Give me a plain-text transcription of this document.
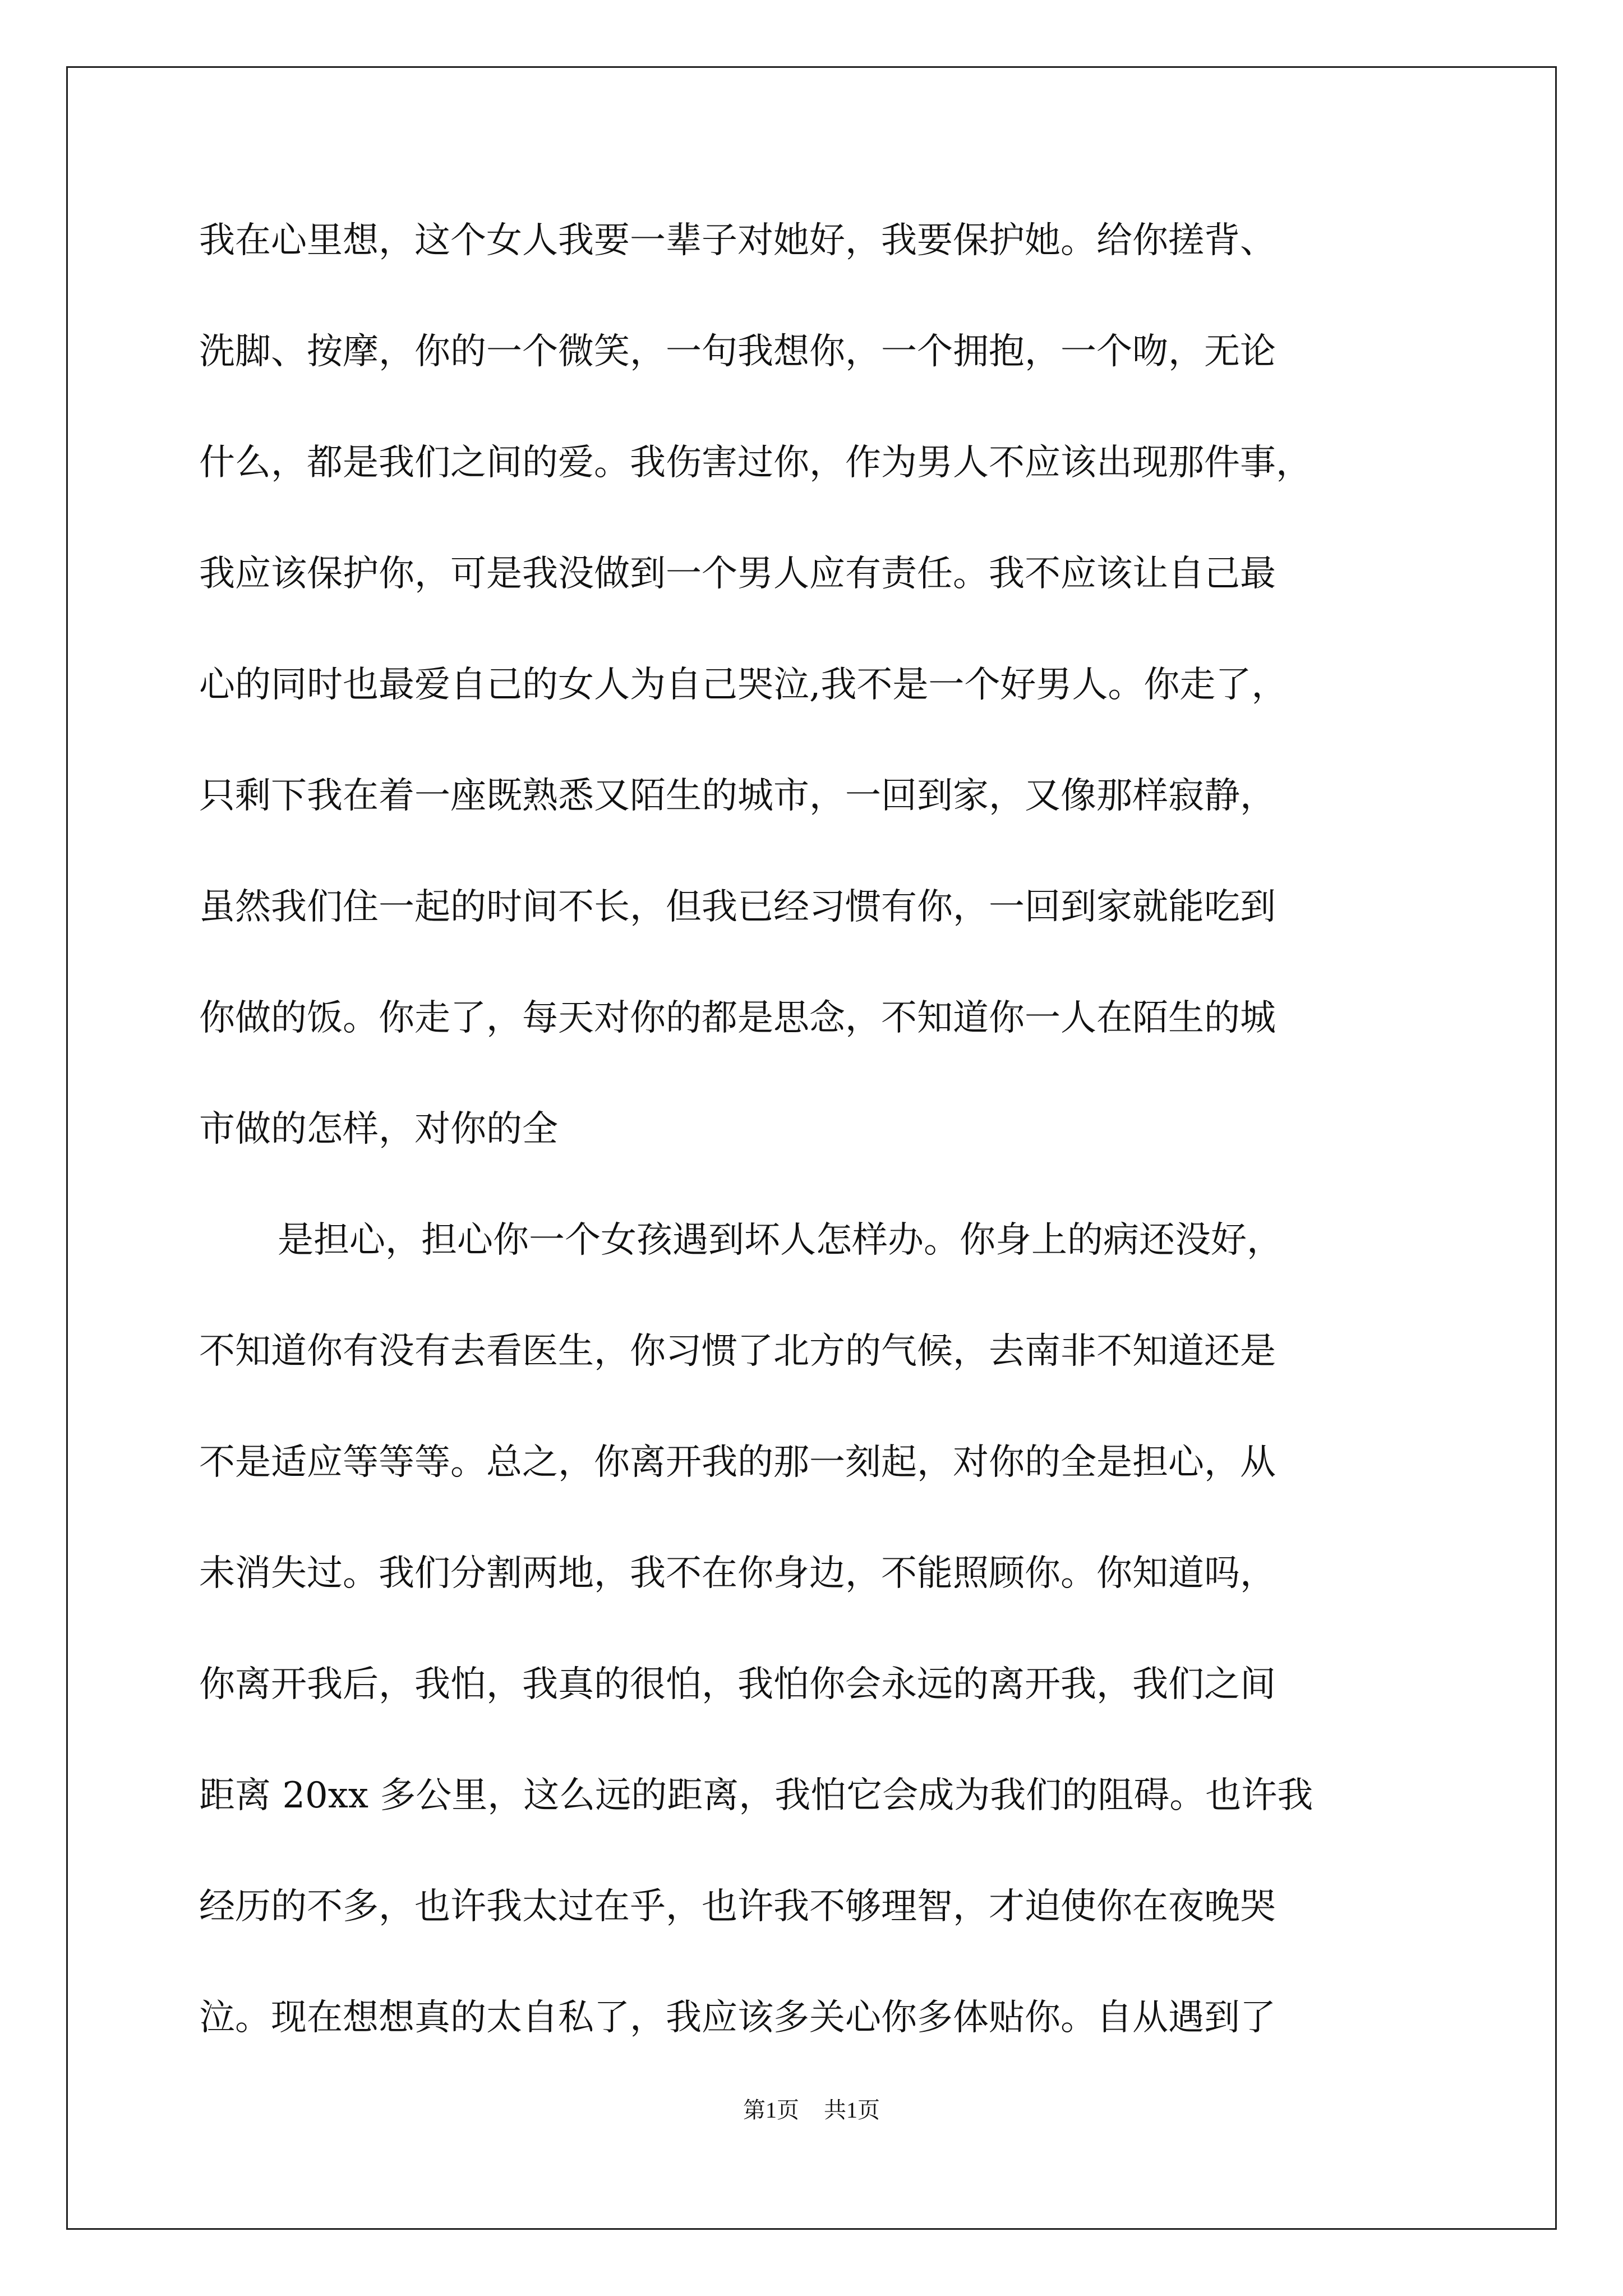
我在心里想，这个女人我要一辈子对她好，我要保护她。给你搓背、
洗脚、按摩，你的一个微笑，一句我想你，一个拥抱，一个吻，无论
什么，都是我们之间的爱。我伤害过你，作为男人不应该出现那件事，
我应该保护你，可是我没做到一个男人应有责任。我不应该让自己最
心的同时也最爱自己的女人为自己哭泣,我不是一个好男人。你走了，
只剩下我在着一座既熟悉又陌生的城市，一回到家，又像那样寂静，
虽然我们住一起的时间不长，但我已经习惯有你，一回到家就能吃到
你做的饭。你走了，每天对你的都是思念，不知道你一人在陌生的城
市做的怎样，对你的全
是担心，担心你一个女孩遇到坏人怎样办。你身上的病还没好，
不知道你有没有去看医生，你习惯了北方的气候，去南非不知道还是
不是适应等等等。总之，你离开我的那一刻起，对你的全是担心，从
未消失过。我们分割两地，我不在你身边，不能照顾你。你知道吗，
你离开我后，我怕，我真的很怕，我怕你会永远的离开我，我们之间
距离 20xx 多公里，这么远的距离，我怕它会成为我们的阻碍。也许我
经历的不多，也许我太过在乎，也许我不够理智，才迫使你在夜晚哭
泣。现在想想真的太自私了，我应该多关心你多体贴你。自从遇到了
第1页 共1页
